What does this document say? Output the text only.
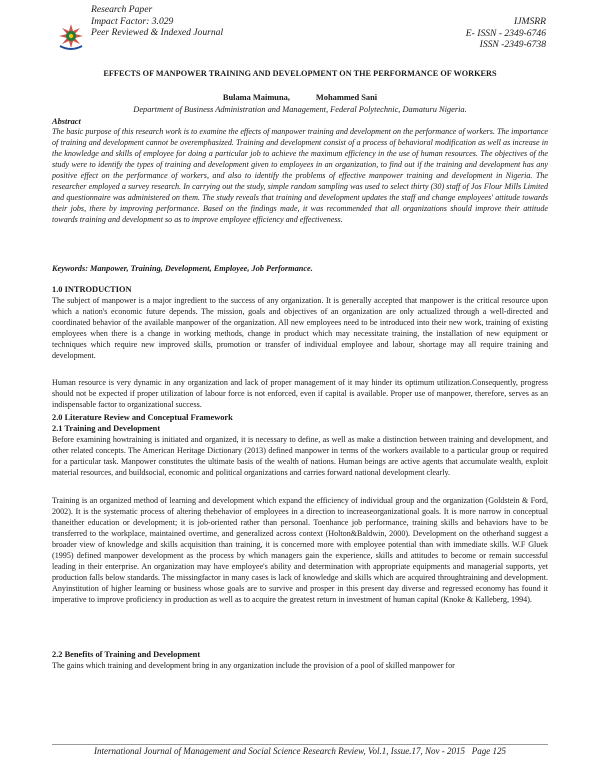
Research Paper
Impact Factor: 3.029
Peer Reviewed & Indexed Journal
IJMSRR
E- ISSN - 2349-6746
ISSN -2349-6738
EFFECTS OF MANPOWER TRAINING AND DEVELOPMENT ON THE PERFORMANCE OF WORKERS
Bulama Maimuna,	Mohammed Sani
Department of Business Administration and Management, Federal Polytechnic, Damaturu Nigeria.
Abstract
The basic purpose of this research work is to examine the effects of manpower training and development on the performance of workers. The importance of training and development cannot be overemphasized. Training and development consist of a process of behavioral modification as well as increase in the knowledge and skills of employee for doing a particular job to achieve the maximum efficiency in the use of human resources. The objectives of the study were to identify the types of training and development given to employees in an organization, to find out if the training and development has any positive effect on the performance of workers, and also to identify the problems of effective manpower training and development in Nigeria. The researcher employed a survey research. In carrying out the study, simple random sampling was used to select thirty (30) staff of Jos Flour Mills Limited and questionnaire was administered on them. The study reveals that training and development updates the staff and change employees' attitude towards their jobs, there by improving performance. Based on the findings made, it was recommended that all organizations should improve their attitude towards training and development so as to improve employee efficiency and effectiveness.
Keywords: Manpower, Training, Development, Employee, Job Performance.
1.0 INTRODUCTION

The subject of manpower is a major ingredient to the success of any organization. It is generally accepted that manpower is the critical resource upon which a nation's economic future depends. The mission, goals and objectives of an organization are only actualized through a well-directed and coordinated behavior of the available manpower of the organization. All new employees need to be introduced into their new work, training of existing employees when there is a change in working methods, change in product which may necessitate training, the installation of new equipment or techniques which require new improved skills, promotion or transfer of individual employee and labour, shortage may all require training and development.

Human resource is very dynamic in any organization and lack of proper management of it may hinder its optimum utilization.Consequently, progress should not be expected if proper utilization of labour force is not enforced, even if capital is available. Proper use of manpower, therefore, serves as an indispensable factor to organizational success.

2.0 Literature Review and Conceptual Framework
2.1 Training and Development

Before examining howtraining is initiated and organized, it is necessary to define, as well as make a distinction between training and development, and other related concepts. The American Heritage Dictionary (2013) defined manpower in terms of the workers available to a particular group or required for a particular task. Manpower constitutes the ultimate basis of the wealth of nations. Human beings are active agents that accumulate wealth, exploit material resources, and buildsocial, economic and political organizations and carries forward national development clearly.

Training is an organized method of learning and development which expand the efficiency of individual group and the organization (Goldstein & Ford, 2002). It is the systematic process of altering thebehavior of employees in a direction to increaseorganizational goals. It is more narrow in conceptual thaneither education or development; it is job-oriented rather than personal. Toenhance job performance, training skills and behaviors have to be transferred to the workplace, maintained overtime, and generalized across context (Holton&Baldwin, 2000). Development on the otherhand suggest a broader view of knowledge and skills acquisition than training, it is concerned more with employee potential than with immediate skills. W.F Gluek (1995) defined manpower development as the process by which managers gain the experience, skills and attitudes to become or remain successful leading in their enterprise. An organization may have employee's ability and determination with appropriate equipments and managerial supports, yet production falls below standards. The missingfactor in many cases is lack of knowledge and skills which are acquired throughtraining and development. Anyinstitution of higher learning or business whose goals are to survive and prosper in this present day diverse and regressed economy has found it imperative to improve proficiency in production as well as to acquire the greatest return in investment of human capital (Knoke & Kalleberg, 1994).

2.2 Benefits of Training and Development

The gains which training and development bring in any organization include the provision of a pool of skilled manpower for

International Journal of Management and Social Science Research Review, Vol.1, Issue.17, Nov - 2015 Page 125
